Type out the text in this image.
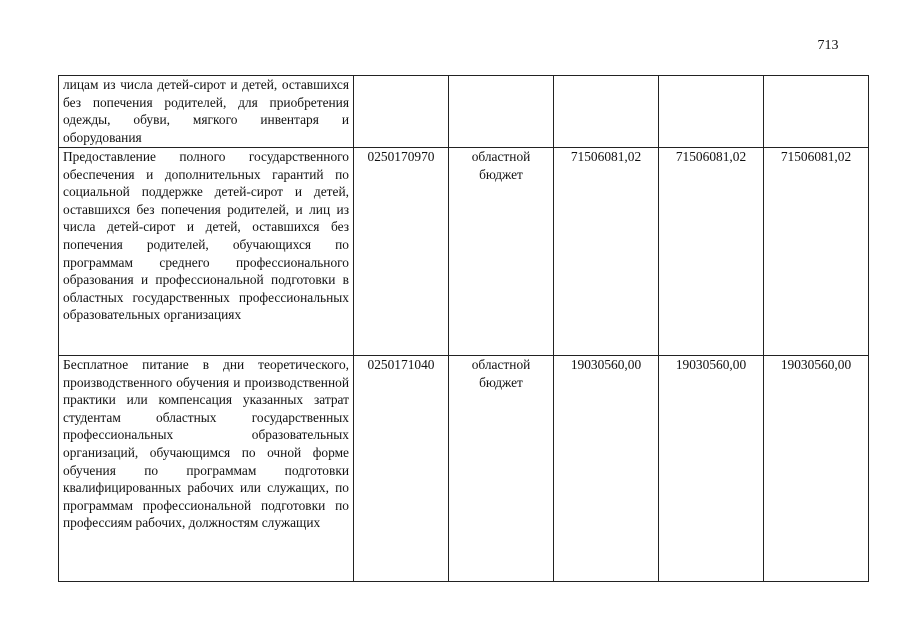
713
лицам из числа детей-сирот и детей, оставшихся без попечения родителей, для приобретения одежды, обуви, мягкого инвентаря и оборудования					
Предоставление полного государственного обеспечения и дополнительных гарантий по социальной поддержке детей-сирот и детей, оставшихся без попечения родителей, и лиц из числа детей-сирот и детей, оставшихся без попечения родителей, обучающихся по программам среднего профессионального образования и профессиональной подготовки в областных государственных профессиональных образовательных организациях	0250170970	областной бюджет	71506081,02	71506081,02	71506081,02
Бесплатное питание в дни теоретического, производственного обучения и производственной практики или компенсация указанных затрат студентам областных государственных профессиональных образовательных организаций, обучающимся по очной форме обучения по программам подготовки квалифицированных рабочих или служащих, по программам профессиональной подготовки по профессиям рабочих, должностям служащих	0250171040	областной бюджет	19030560,00	19030560,00	19030560,00
